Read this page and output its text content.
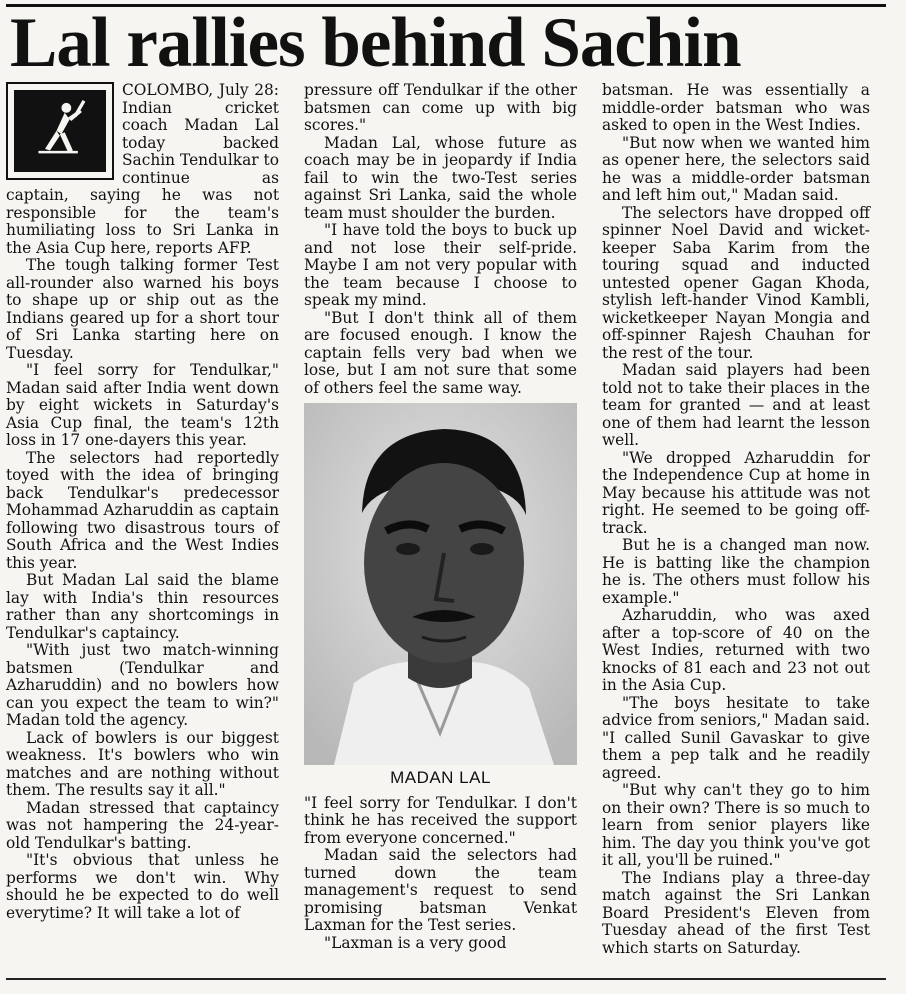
Lal rallies behind Sachin

COLOMBO, July 28: Indian cricket coach Madan Lal today backed Sachin Tendulkar to continue as captain, saying he was not responsible for the team's humiliating loss to Sri Lanka in the Asia Cup here, reports AFP.

The tough talking former Test all-rounder also warned his boys to shape up or ship out as the Indians geared up for a short tour of Sri Lanka starting here on Tuesday.

"I feel sorry for Tendulkar," Madan said after India went down by eight wickets in Saturday's Asia Cup final, the team's 12th loss in 17 one-dayers this year.

The selectors had reportedly toyed with the idea of bringing back Tendulkar's predecessor Mohammad Azharuddin as captain following two disastrous tours of South Africa and the West Indies this year.

But Madan Lal said the blame lay with India's thin resources rather than any shortcomings in Tendulkar's captaincy.

"With just two match-winning batsmen (Tendulkar and Azharuddin) and no bowlers how can you expect the team to win?" Madan told the agency.

Lack of bowlers is our biggest weakness. It's bowlers who win matches and are nothing without them. The results say it all."

Madan stressed that captaincy was not hampering the 24-year-old Tendulkar's batting.

"It's obvious that unless he performs we don't win. Why should he be expected to do well everytime? It will take a lot of

pressure off Tendulkar if the other batsmen can come up with big scores."

Madan Lal, whose future as coach may be in jeopardy if India fail to win the two-Test series against Sri Lanka, said the whole team must shoulder the burden.

"I have told the boys to buck up and not lose their self-pride. Maybe I am not very popular with the team because I choose to speak my mind.

"But I don't think all of them are focused enough. I know the captain fells very bad when we lose, but I am not sure that some of others feel the same way.

MADAN LAL

"I feel sorry for Tendulkar. I don't think he has received the support from everyone concerned."

Madan said the selectors had turned down the team management's request to send promising batsman Venkat Laxman for the Test series.

"Laxman is a very good

batsman. He was essentially a middle-order batsman who was asked to open in the West Indies.

"But now when we wanted him as opener here, the selectors said he was a middle-order batsman and left him out," Madan said.

The selectors have dropped off spinner Noel David and wicket-keeper Saba Karim from the touring squad and inducted untested opener Gagan Khoda, stylish left-hander Vinod Kambli, wicketkeeper Nayan Mongia and off-spinner Rajesh Chauhan for the rest of the tour.

Madan said players had been told not to take their places in the team for granted — and at least one of them had learnt the lesson well.

"We dropped Azharuddin for the Independence Cup at home in May because his attitude was not right. He seemed to be going off-track.

But he is a changed man now. He is batting like the champion he is. The others must follow his example."

Azharuddin, who was axed after a top-score of 40 on the West Indies, returned with two knocks of 81 each and 23 not out in the Asia Cup.

"The boys hesitate to take advice from seniors," Madan said. "I called Sunil Gavaskar to give them a pep talk and he readily agreed.

"But why can't they go to him on their own? There is so much to learn from senior players like him. The day you think you've got it all, you'll be ruined."

The Indians play a three-day match against the Sri Lankan Board President's Eleven from Tuesday ahead of the first Test which starts on Saturday.
